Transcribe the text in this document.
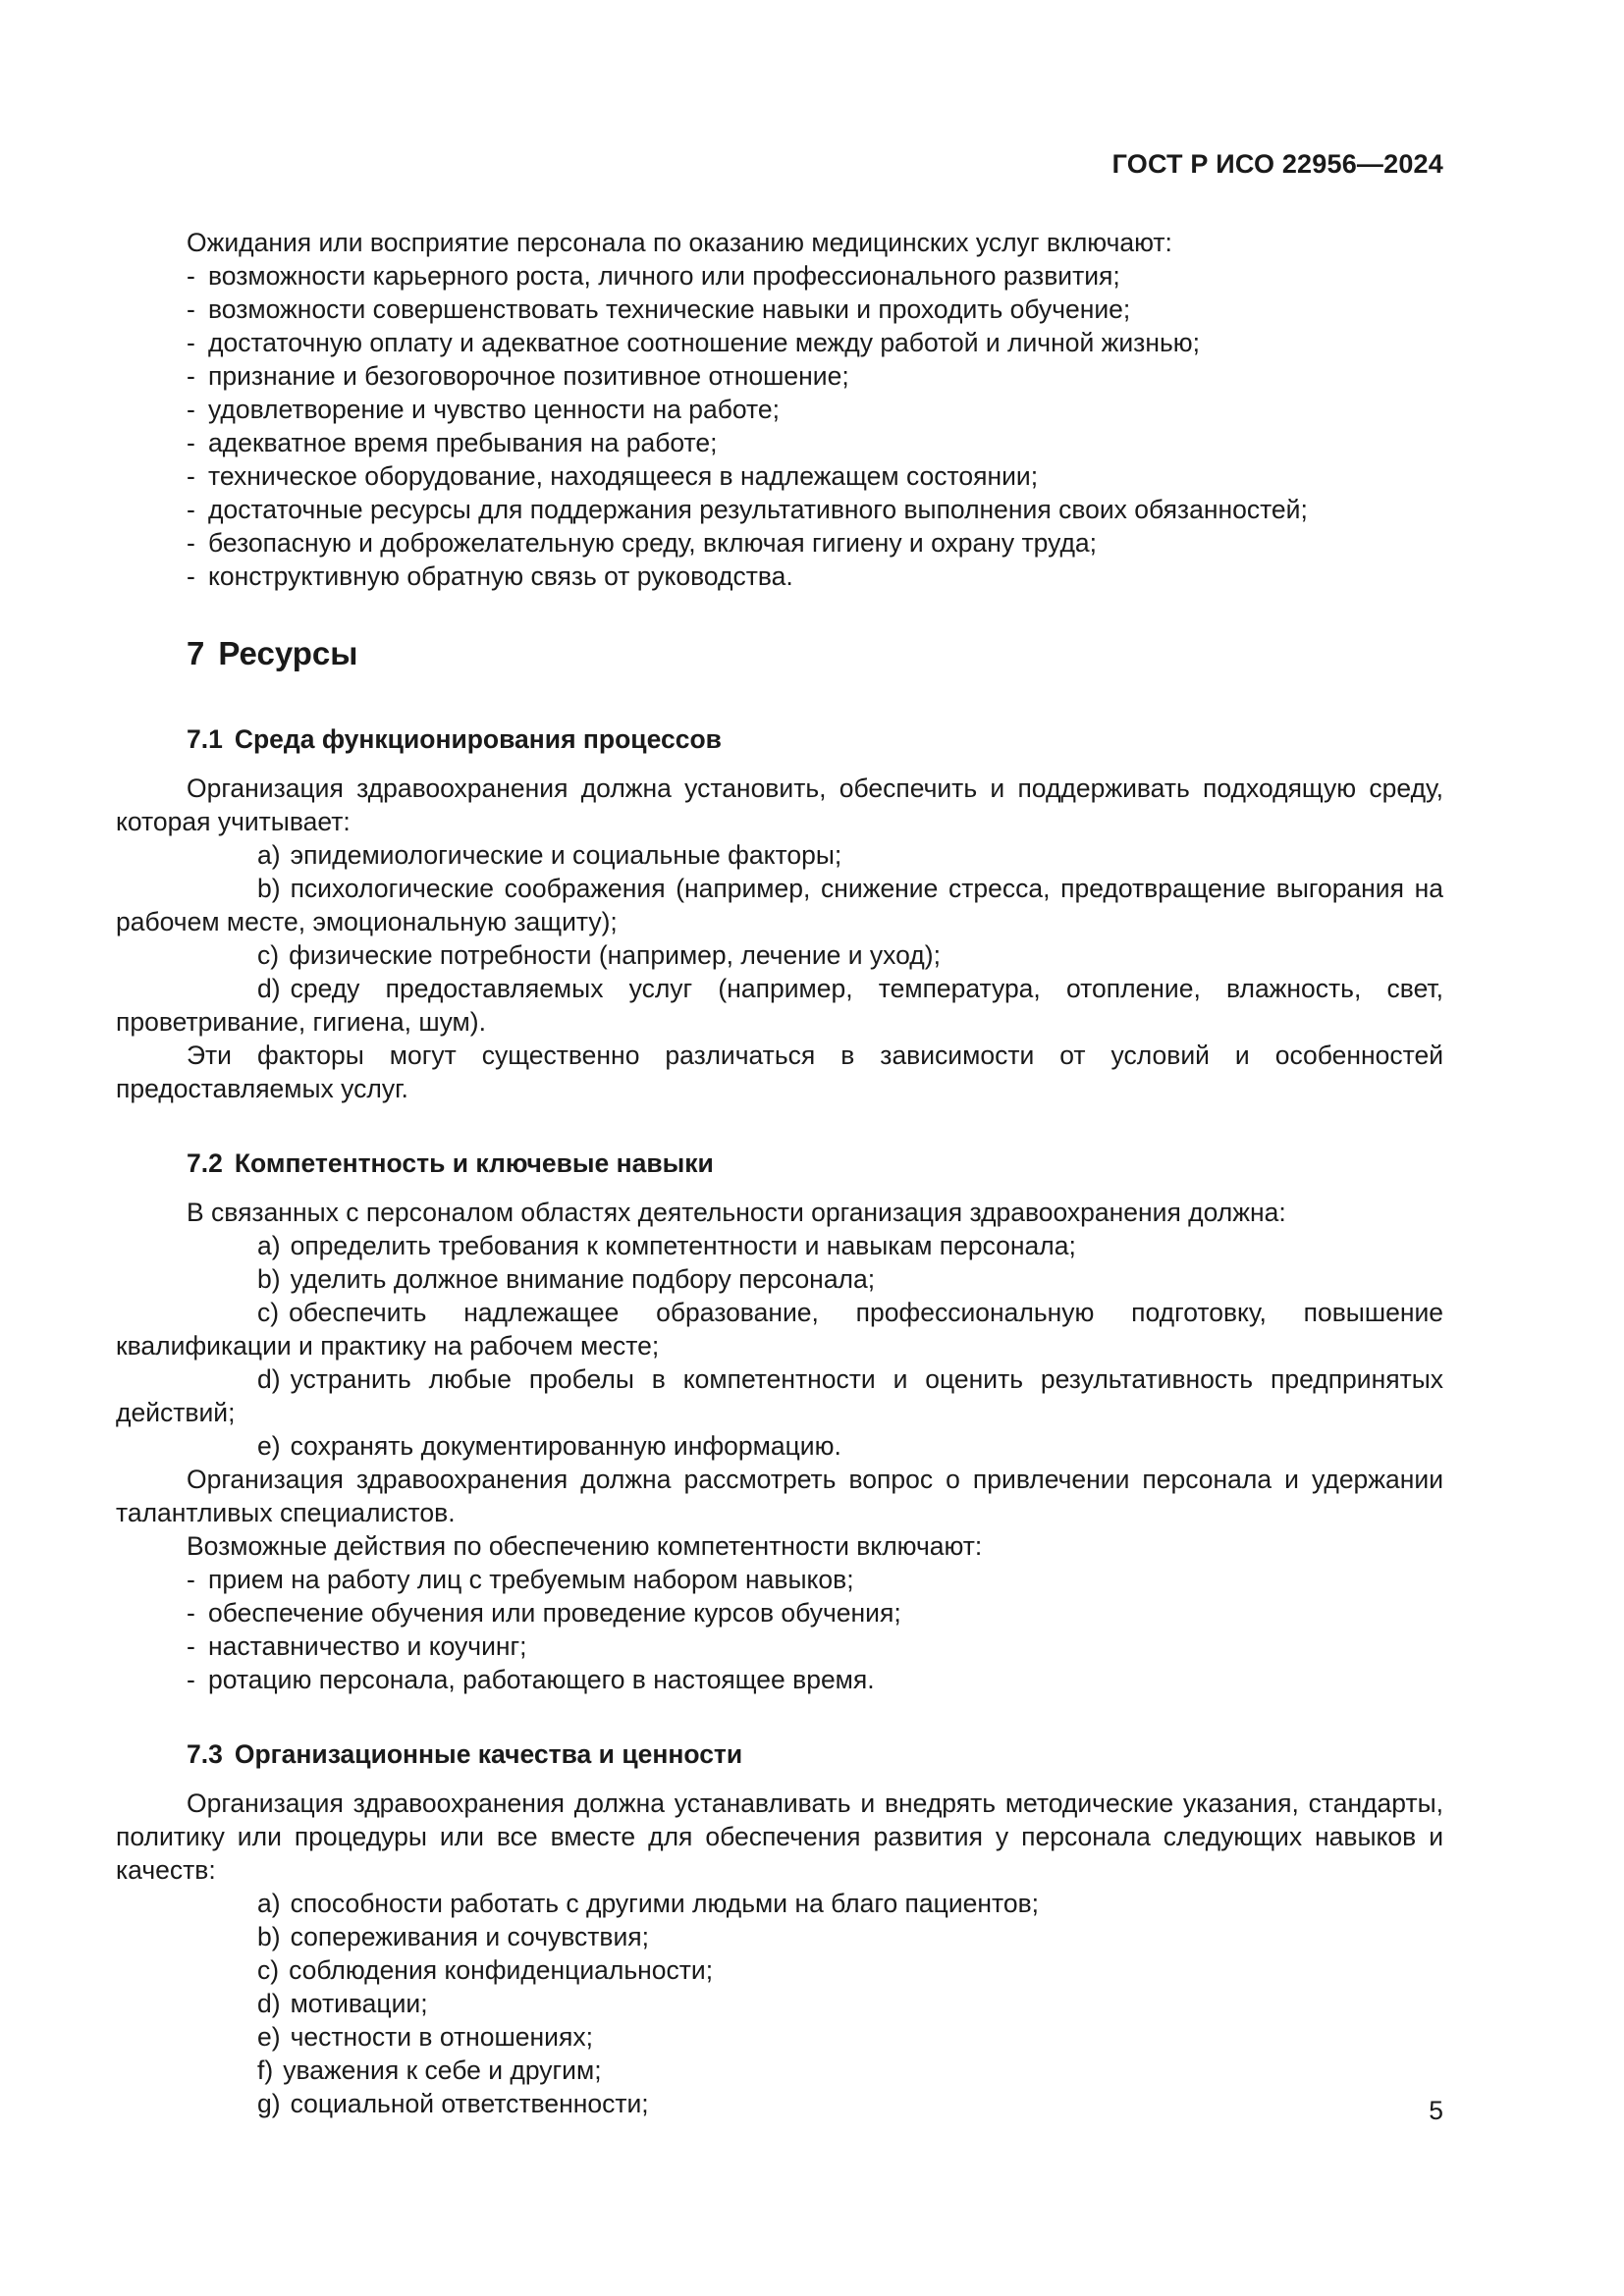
ГОСТ Р ИСО 22956—2024

Ожидания или восприятие персонала по оказанию медицинских услуг включают:

- возможности карьерного роста, личного или профессионального развития;
- возможности совершенствовать технические навыки и проходить обучение;
- достаточную оплату и адекватное соотношение между работой и личной жизнью;
- признание и безоговорочное позитивное отношение;
- удовлетворение и чувство ценности на работе;
- адекватное время пребывания на работе;
- техническое оборудование, находящееся в надлежащем состоянии;
- достаточные ресурсы для поддержания результативного выполнения своих обязанностей;
- безопасную и доброжелательную среду, включая гигиену и охрану труда;
- конструктивную обратную связь от руководства.
7 Ресурсы
7.1 Среда функционирования процессов

Организация здравоохранения должна установить, обеспечить и поддерживать подходящую среду, которая учитывает:

a) эпидемиологические и социальные факторы;
b) психологические соображения (например, снижение стресса, предотвращение выгорания на рабочем месте, эмоциональную защиту);
c) физические потребности (например, лечение и уход);
d) среду предоставляемых услуг (например, температура, отопление, влажность, свет, проветривание, гигиена, шум).

Эти факторы могут существенно различаться в зависимости от условий и особенностей предоставляемых услуг.

7.2 Компетентность и ключевые навыки

В связанных с персоналом областях деятельности организация здравоохранения должна:

a) определить требования к компетентности и навыкам персонала;
b) уделить должное внимание подбору персонала;
c) обеспечить надлежащее образование, профессиональную подготовку, повышение квалификации и практику на рабочем месте;
d) устранить любые пробелы в компетентности и оценить результативность предпринятых действий;
e) сохранять документированную информацию.

Организация здравоохранения должна рассмотреть вопрос о привлечении персонала и удержании талантливых специалистов.

Возможные действия по обеспечению компетентности включают:

- прием на работу лиц с требуемым набором навыков;
- обеспечение обучения или проведение курсов обучения;
- наставничество и коучинг;
- ротацию персонала, работающего в настоящее время.
7.3 Организационные качества и ценности

Организация здравоохранения должна устанавливать и внедрять методические указания, стандарты, политику или процедуры или все вместе для обеспечения развития у персонала следующих навыков и качеств:

a) способности работать с другими людьми на благо пациентов;
b) сопереживания и сочувствия;
c) соблюдения конфиденциальности;
d) мотивации;
e) честности в отношениях;
f) уважения к себе и другим;
g) социальной ответственности;	5
